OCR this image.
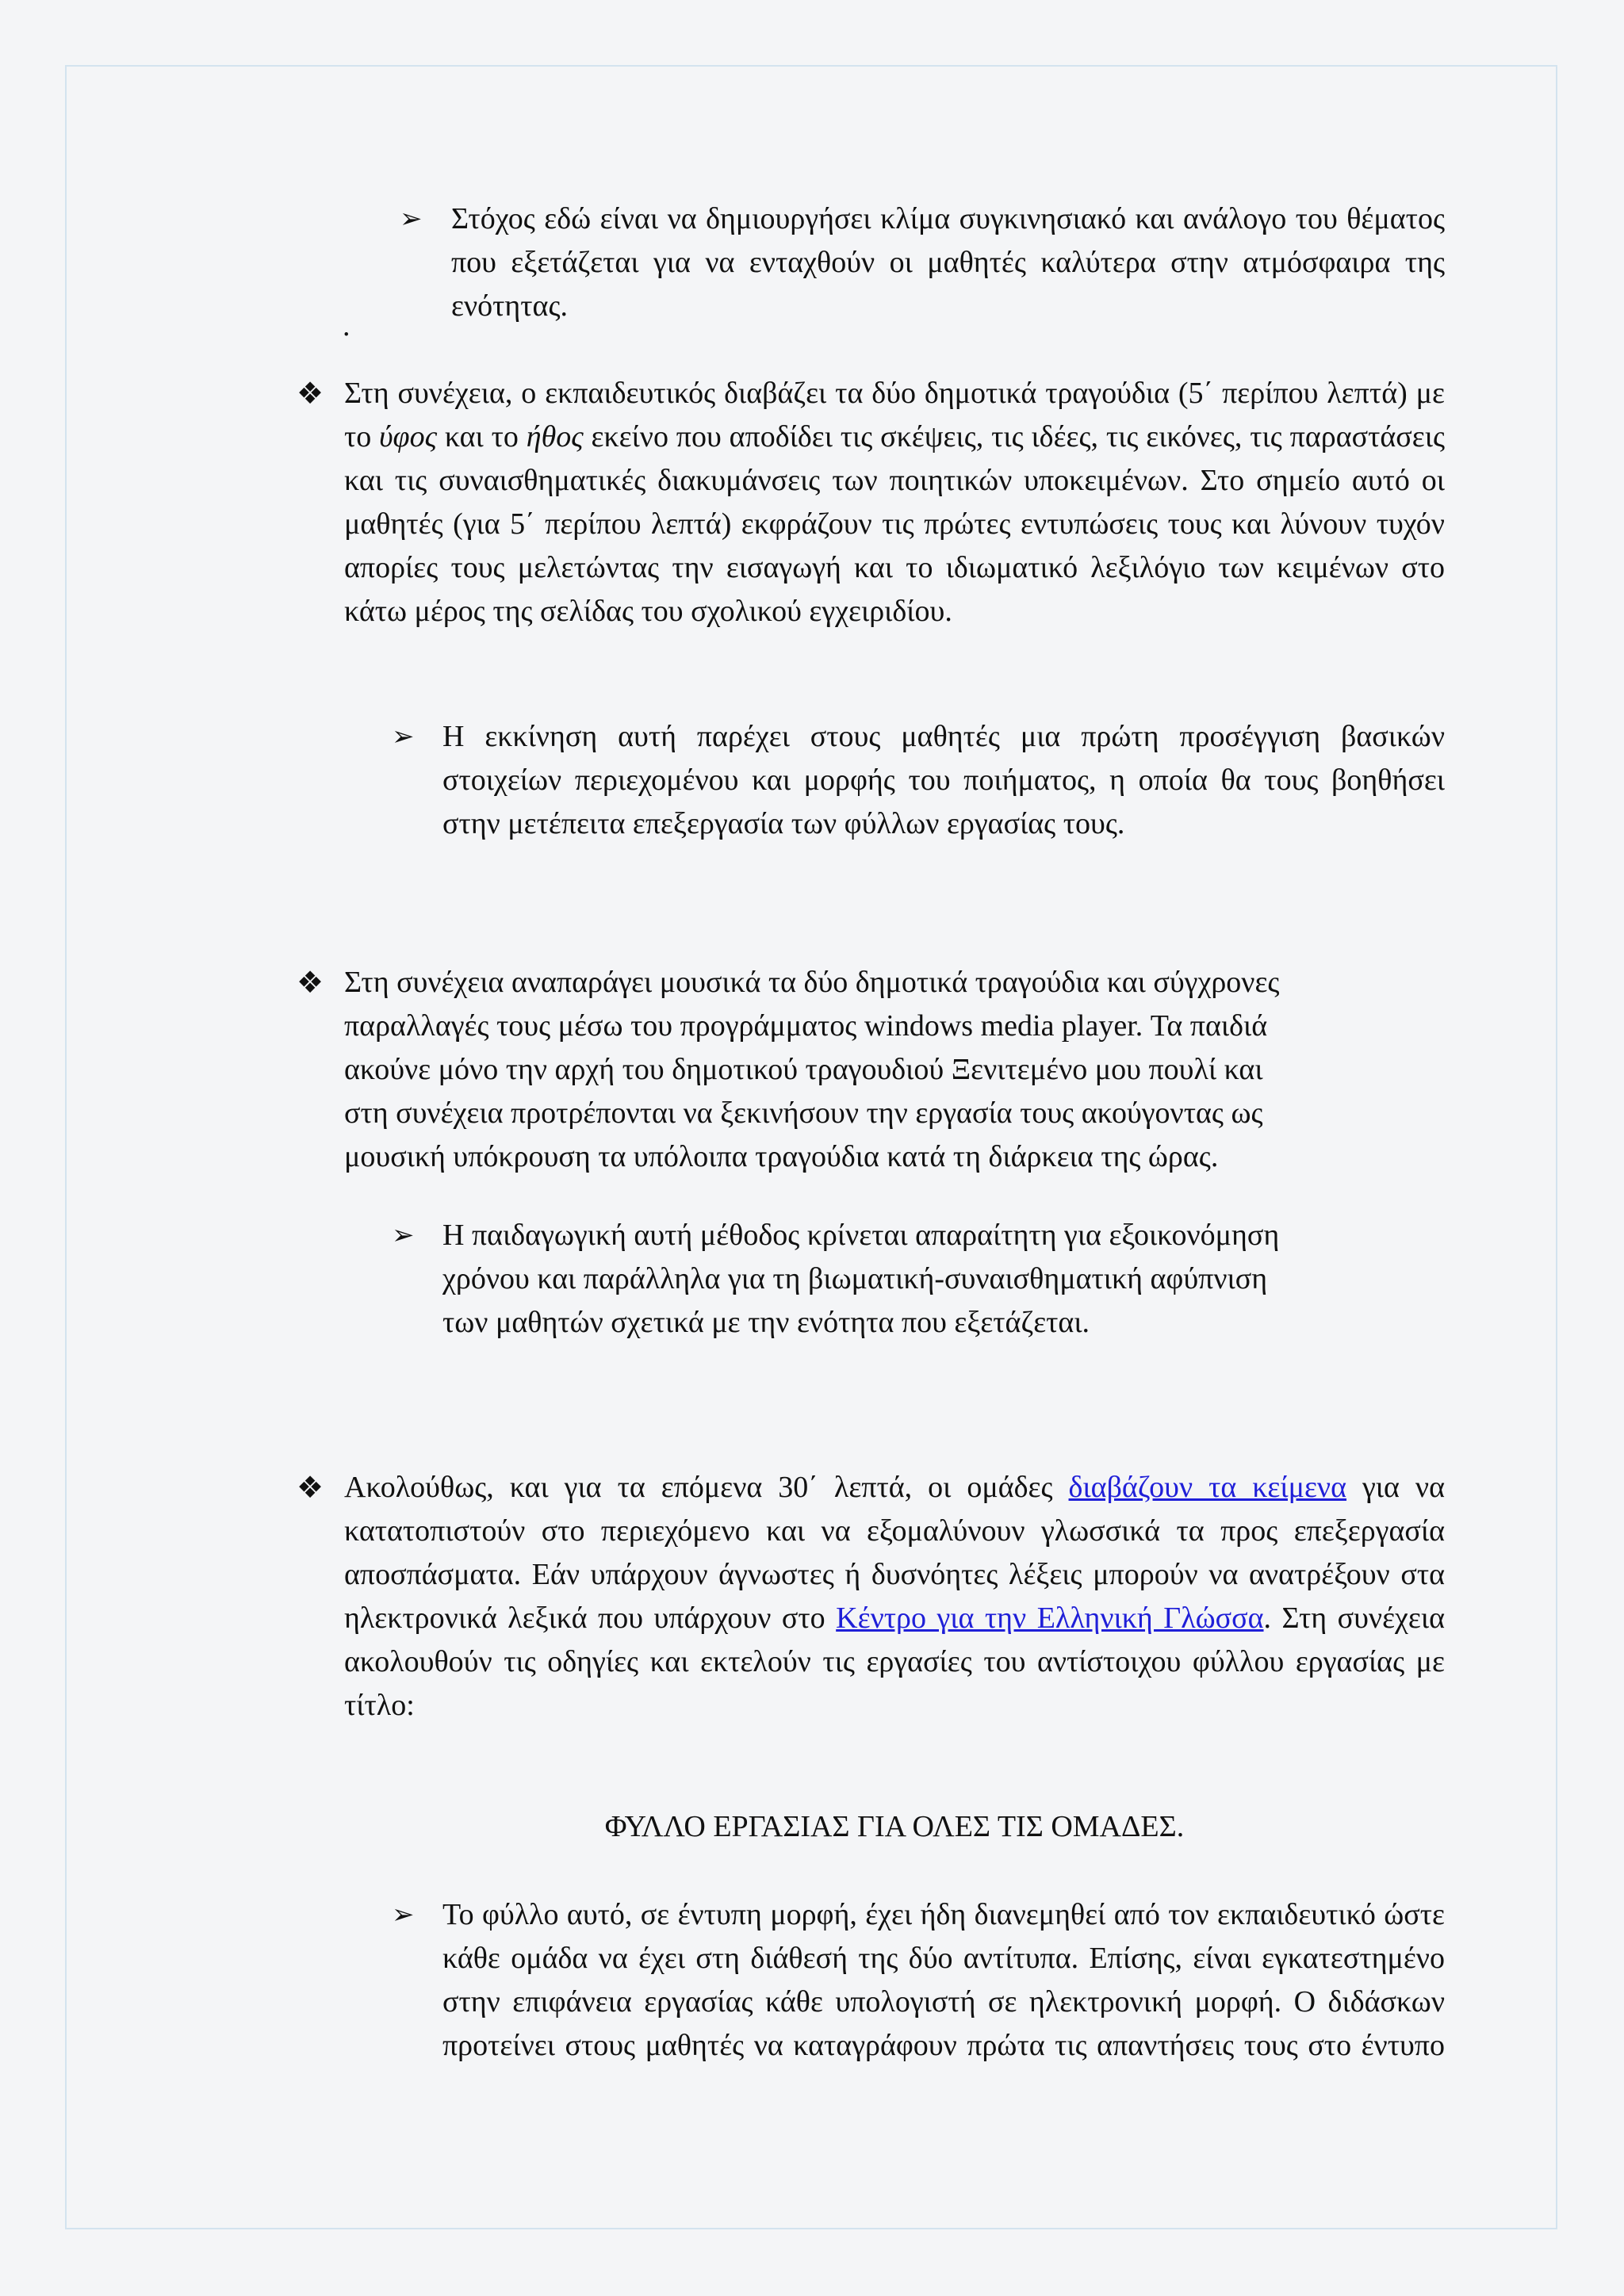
➢ Στόχος εδώ είναι να δημιουργήσει κλίμα συγκινησιακό και ανάλογο του θέματος που εξετάζεται για να ενταχθούν οι μαθητές καλύτερα στην ατμόσφαιρα της ενότητας.

.
❖ Στη συνέχεια, ο εκπαιδευτικός διαβάζει τα δύο δημοτικά τραγούδια (5΄ περίπου λεπτά) με το ύφος και το ήθος εκείνο που αποδίδει τις σκέψεις, τις ιδέες, τις εικόνες, τις παραστάσεις και τις συναισθηματικές διακυμάνσεις των ποιητικών υποκειμένων. Στο σημείο αυτό οι μαθητές (για 5΄ περίπου λεπτά) εκφράζουν τις πρώτες εντυπώσεις τους και λύνουν τυχόν απορίες τους μελετώντας την εισαγωγή και το ιδιωματικό λεξιλόγιο των κειμένων στο κάτω μέρος της σελίδας του σχολικού εγχειριδίου.

➢ Η εκκίνηση αυτή παρέχει στους μαθητές μια πρώτη προσέγγιση βασικών στοιχείων περιεχομένου και μορφής του ποιήματος, η οποία θα τους βοηθήσει στην μετέπειτα επεξεργασία των φύλλων εργασίας τους.

❖ Στη συνέχεια αναπαράγει μουσικά τα δύο δημοτικά τραγούδια και σύγχρονες
παραλλαγές τους μέσω του προγράμματος windows media player. Τα παιδιά
ακούνε μόνο την αρχή του δημοτικού τραγουδιού Ξενιτεμένο μου πουλί και
στη συνέχεια προτρέπονται να ξεκινήσουν την εργασία τους ακούγοντας ως
μουσική υπόκρουση τα υπόλοιπα τραγούδια κατά τη διάρκεια της ώρας.
➢ Η παιδαγωγική αυτή μέθοδος κρίνεται απαραίτητη για εξοικονόμηση
χρόνου και παράλληλα για τη βιωματική-συναισθηματική αφύπνιση
των μαθητών σχετικά με την ενότητα που εξετάζεται.
❖ Ακολούθως, και για τα επόμενα 30΄ λεπτά, οι ομάδες διαβάζουν τα κείμενα για να κατατοπιστούν στο περιεχόμενο και να εξομαλύνουν γλωσσικά τα προς επεξεργασία αποσπάσματα. Εάν υπάρχουν άγνωστες ή δυσνόητες λέξεις μπορούν να ανατρέξουν στα ηλεκτρονικά λεξικά που υπάρχουν στο Κέντρο για την Ελληνική Γλώσσα. Στη συνέχεια ακολουθούν τις οδηγίες και εκτελούν τις εργασίες του αντίστοιχου φύλλου εργασίας με τίτλο:

ΦΥΛΛΟ ΕΡΓΑΣΙΑΣ ΓΙΑ ΟΛΕΣ ΤΙΣ ΟΜΑΔΕΣ.
➢ Το φύλλο αυτό, σε έντυπη μορφή, έχει ήδη διανεμηθεί από τον εκπαιδευτικό ώστε κάθε ομάδα να έχει στη διάθεσή της δύο αντίτυπα. Επίσης, είναι εγκατεστημένο στην επιφάνεια εργασίας κάθε υπολογιστή σε ηλεκτρονική μορφή. Ο διδάσκων προτείνει στους μαθητές να καταγράφουν πρώτα τις απαντήσεις τους στο έντυπο
